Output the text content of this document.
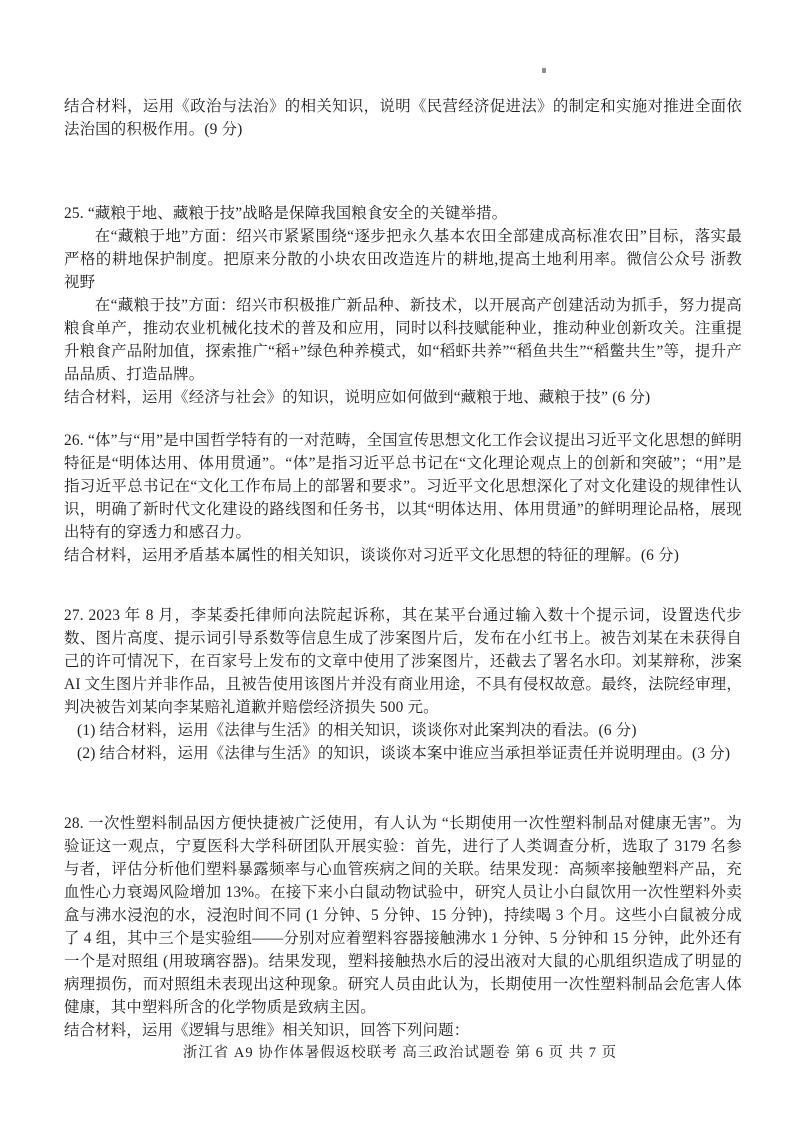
结合材料，运用《政治与法治》的相关知识，说明《民营经济促进法》的制定和实施对推进全面依法治国的积极作用。(9 分)

25. “藏粮于地、藏粮于技”战略是保障我国粮食安全的关键举措。

在“藏粮于地”方面：绍兴市紧紧围绕“逐步把永久基本农田全部建成高标准农田”目标，落实最严格的耕地保护制度。把原来分散的小块农田改造连片的耕地,提高土地利用率。微信公众号 浙教视野

在“藏粮于技”方面：绍兴市积极推广新品种、新技术，以开展高产创建活动为抓手，努力提高粮食单产，推动农业机械化技术的普及和应用，同时以科技赋能种业，推动种业创新攻关。注重提升粮食产品附加值，探索推广“稻+”绿色种养模式，如“稻虾共养”“稻鱼共生”“稻鳖共生”等，提升产品品质、打造品牌。

结合材料，运用《经济与社会》的知识，说明应如何做到“藏粮于地、藏粮于技” (6 分)

26. “体”与“用”是中国哲学特有的一对范畴，全国宣传思想文化工作会议提出习近平文化思想的鲜明特征是“明体达用、体用贯通”。“体”是指习近平总书记在“文化理论观点上的创新和突破”；“用”是指习近平总书记在“文化工作布局上的部署和要求”。习近平文化思想深化了对文化建设的规律性认识，明确了新时代文化建设的路线图和任务书，以其“明体达用、体用贯通”的鲜明理论品格，展现出特有的穿透力和感召力。

结合材料，运用矛盾基本属性的相关知识，谈谈你对习近平文化思想的特征的理解。(6 分)

27. 2023 年 8 月，李某委托律师向法院起诉称，其在某平台通过输入数十个提示词，设置迭代步数、图片高度、提示词引导系数等信息生成了涉案图片后，发布在小红书上。被告刘某在未获得自己的许可情况下，在百家号上发布的文章中使用了涉案图片，还截去了署名水印。刘某辩称，涉案 AI 文生图片并非作品，且被告使用该图片并没有商业用途，不具有侵权故意。最终，法院经审理，判决被告刘某向李某赔礼道歉并赔偿经济损失 500 元。

(1) 结合材料，运用《法律与生活》的相关知识，谈谈你对此案判决的看法。(6 分)

(2) 结合材料，运用《法律与生活》的知识，谈谈本案中谁应当承担举证责任并说明理由。(3 分)

28. 一次性塑料制品因方便快捷被广泛使用，有人认为 “长期使用一次性塑料制品对健康无害”。为验证这一观点，宁夏医科大学科研团队开展实验：首先，进行了人类调查分析，选取了 3179 名参与者，评估分析他们塑料暴露频率与心血管疾病之间的关联。结果发现：高频率接触塑料产品，充血性心力衰竭风险增加 13%。在接下来小白鼠动物试验中，研究人员让小白鼠饮用一次性塑料外卖盒与沸水浸泡的水，浸泡时间不同 (1 分钟、5 分钟、15 分钟)，持续喝 3 个月。这些小白鼠被分成了 4 组，其中三个是实验组——分别对应着塑料容器接触沸水 1 分钟、5 分钟和 15 分钟，此外还有一个是对照组 (用玻璃容器)。结果发现，塑料接触热水后的浸出液对大鼠的心肌组织造成了明显的病理损伤，而对照组未表现出这种现象。研究人员由此认为，长期使用一次性塑料制品会危害人体健康，其中塑料所含的化学物质是致病主因。

结合材料，运用《逻辑与思维》相关知识，回答下列问题：

浙江省 A9 协作体暑假返校联考 高三政治试题卷 第 6 页 共 7 页
